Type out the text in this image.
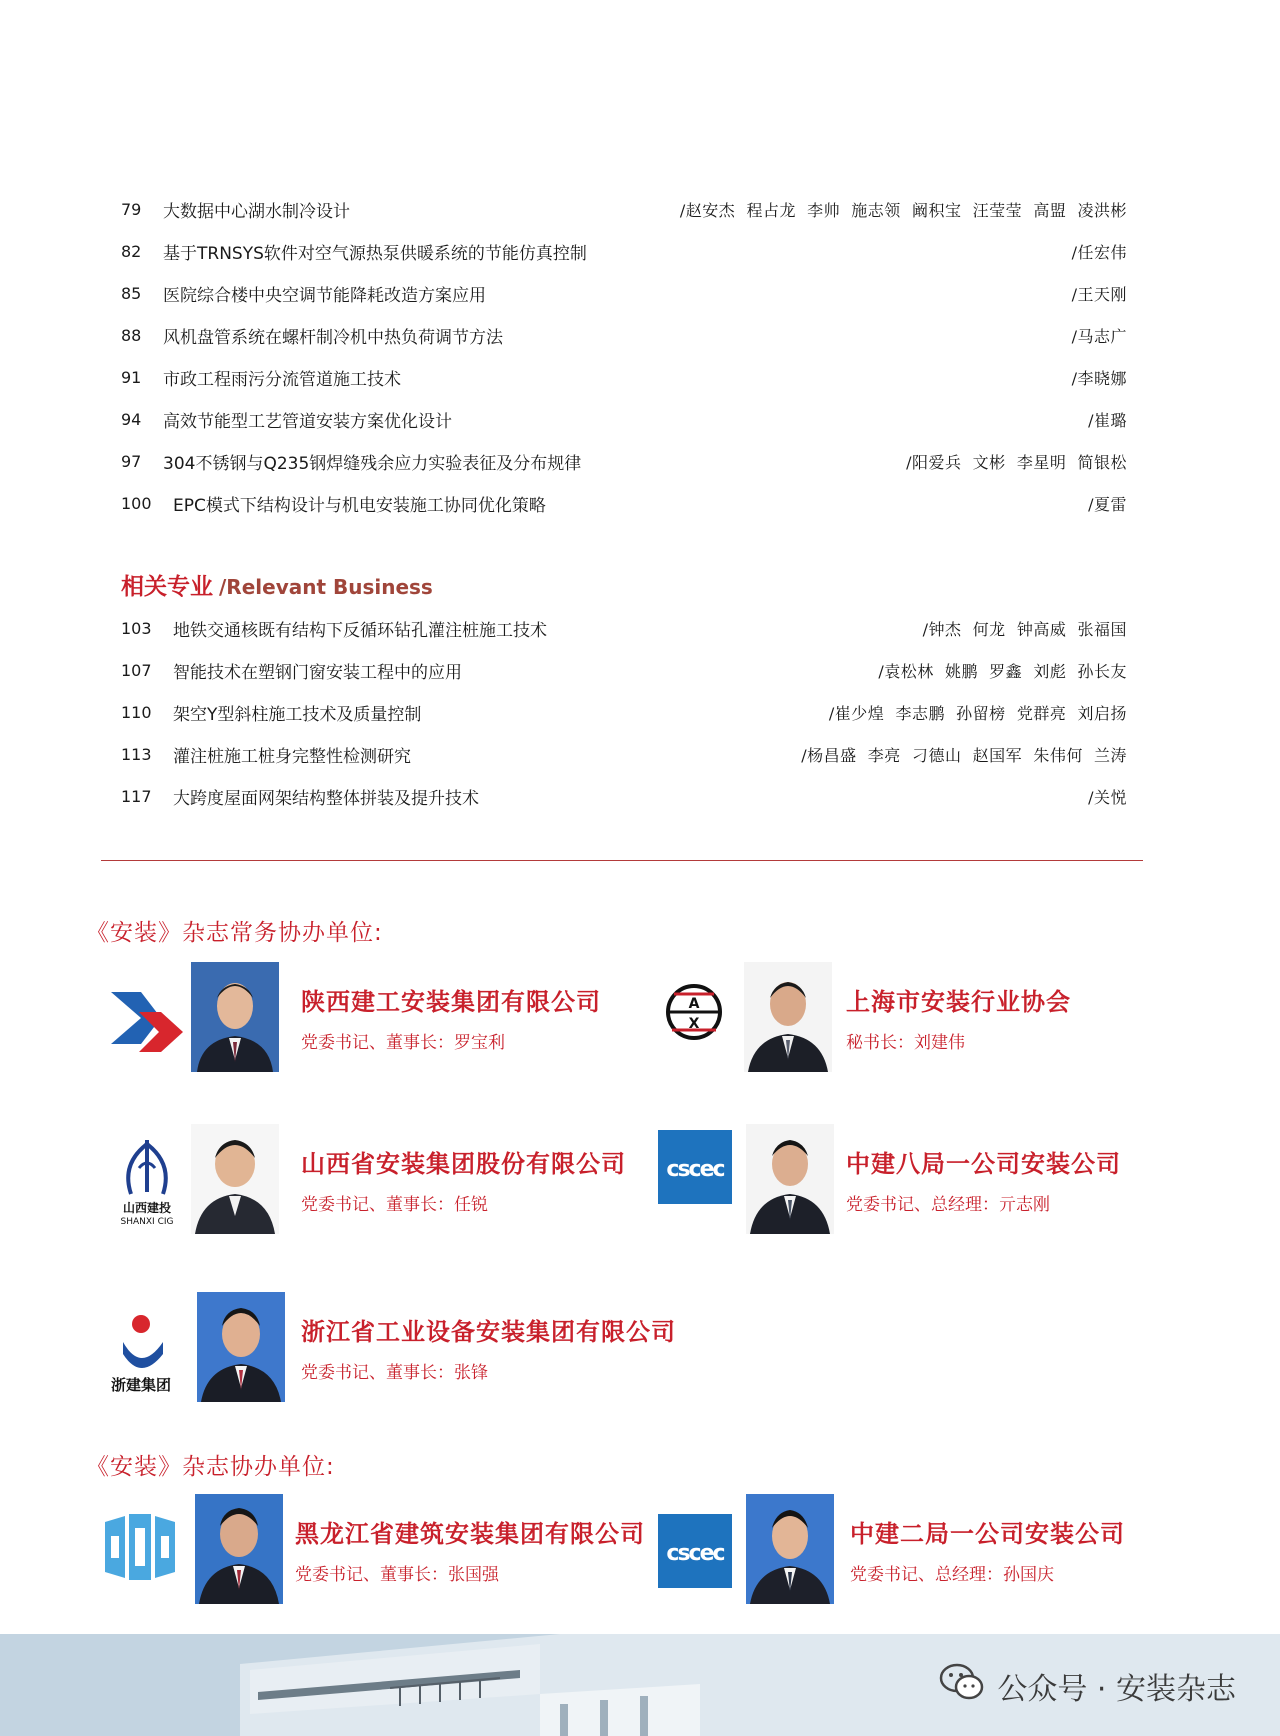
79	大数据中心湖水制冷设计	/赵安杰  程占龙  李帅  施志领  阚积宝  汪莹莹  高盟  凌洪彬
82	基于TRNSYS软件对空气源热泵供暖系统的节能仿真控制	/任宏伟
85	医院综合楼中央空调节能降耗改造方案应用	/王天刚
88	风机盘管系统在螺杆制冷机中热负荷调节方法	/马志广
91	市政工程雨污分流管道施工技术	/李晓娜
94	高效节能型工艺管道安装方案优化设计	/崔璐
97	304不锈钢与Q235钢焊缝残余应力实验表征及分布规律	/阳爱兵  文彬  李星明  简银松
100	EPC模式下结构设计与机电安装施工协同优化策略	/夏雷
相关专业 /Relevant Business
103	地铁交通核既有结构下反循环钻孔灌注桩施工技术	/钟杰  何龙  钟高威  张福国
107	智能技术在塑钢门窗安装工程中的应用	/袁松林  姚鹏  罗鑫  刘彪  孙长友
110	架空Y型斜柱施工技术及质量控制	/崔少煌  李志鹏  孙留榜  党群亮  刘启扬
113	灌注桩施工桩身完整性检测研究	/杨昌盛  李亮  刁德山  赵国军  朱伟何  兰涛
117	大跨度屋面网架结构整体拼装及提升技术	/关悦
《安装》杂志常务协办单位:
陕西建工安装集团有限公司
党委书记、董事长：罗宝利
A
X
上海市安装行业协会
秘书长：刘建伟
山西建投
SHANXI CIG
山西省安装集团股份有限公司
党委书记、董事长：任锐
cscec	中建八局一公司安装公司
党委书记、总经理：亓志刚
浙建集团
浙江省工业设备安装集团有限公司
党委书记、董事长：张锋
《安装》杂志协办单位:
黑龙江省建筑安装集团有限公司
党委书记、董事长：张国强
cscec
中建二局一公司安装公司
党委书记、总经理：孙国庆
公众号 · 安装杂志
